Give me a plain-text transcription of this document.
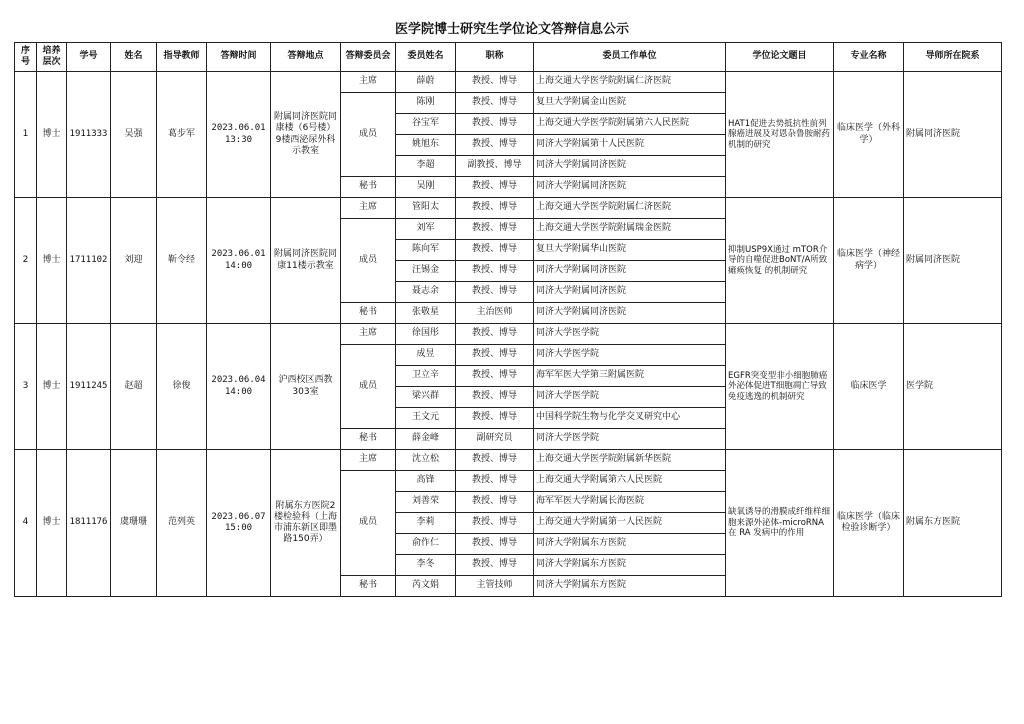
医学院博士研究生学位论文答辩信息公示
序号	培养层次	学号	姓名	指导教师	答辩时间	答辩地点	答辩委员会	委员姓名	职称	委员工作单位	学位论文题目	专业名称	导师所在院系
1	博士	1911333	吴强	葛步军	2023.06.01 13:30	附属同济医院同康楼（6号楼）9楼西泌尿外科示教室	主席	薛蔚	教授、博导	上海交通大学医学院附属仁济医院	HAT1促进去势抵抗性前列腺癌进展及对恩杂鲁胺耐药机制的研究	临床医学（外科学）	附属同济医院
							成员	陈刚	教授、博导	复旦大学附属金山医院			
								谷宝军	教授、博导	上海交通大学医学院附属第六人民医院			
								姚旭东	教授、博导	同济大学附属第十人民医院			
								李超	副教授、博导	同济大学附属同济医院			
							秘书	吴刚	教授、博导	同济大学附属同济医院			
2	博士	1711102	刘迎	靳令经	2023.06.01 14:00	附属同济医院同康11楼示教室	主席	管阳太	教授、博导	上海交通大学医学院附属仁济医院	抑制USP9X通过 mTOR介导的自噬促进BoNT/A所致瘫痪恢复 的机制研究	临床医学（神经病学）	附属同济医院
							成员	刘军	教授、博导	上海交通大学医学院附属瑞金医院			
								陈向军	教授、博导	复旦大学附属华山医院			
								汪锡金	教授、博导	同济大学附属同济医院			
								聂志余	教授、博导	同济大学附属同济医院			
							秘书	张敬星	主治医师	同济大学附属同济医院			
3	博士	1911245	赵超	徐俊	2023.06.04 14:00	沪西校区西教303室	主席	徐国彤	教授、博导	同济大学医学院	EGFR突变型非小细胞肺癌外泌体促进T细胞凋亡导致免疫逃逸的机制研究	临床医学	医学院
							成员	成昱	教授、博导	同济大学医学院			
								卫立辛	教授、博导	海军军医大学第三附属医院			
								梁兴群	教授、博导	同济大学医学院			
								王文元	教授、博导	中国科学院生物与化学交叉研究中心			
							秘书	薛金峰	副研究员	同济大学医学院			
4	博士	1811176	虞珊珊	范列英	2023.06.07 15:00	附属东方医院2楼检验科（上海市浦东新区即墨路150弄）	主席	沈立松	教授、博导	上海交通大学医学院附属新华医院	缺氧诱导的滑膜成纤维样细胞来源外泌体-microRNA 在 RA 发病中的作用	临床医学（临床检验诊断学）	附属东方医院
							成员	高锋	教授、博导	上海交通大学附属第六人民医院			
								刘善荣	教授、博导	海军军医大学附属长海医院			
								李莉	教授、博导	上海交通大学附属第一人民医院			
								俞作仁	教授、博导	同济大学附属东方医院			
								李冬	教授、博导	同济大学附属东方医院			
							秘书	芮文娟	主管技师	同济大学附属东方医院			
